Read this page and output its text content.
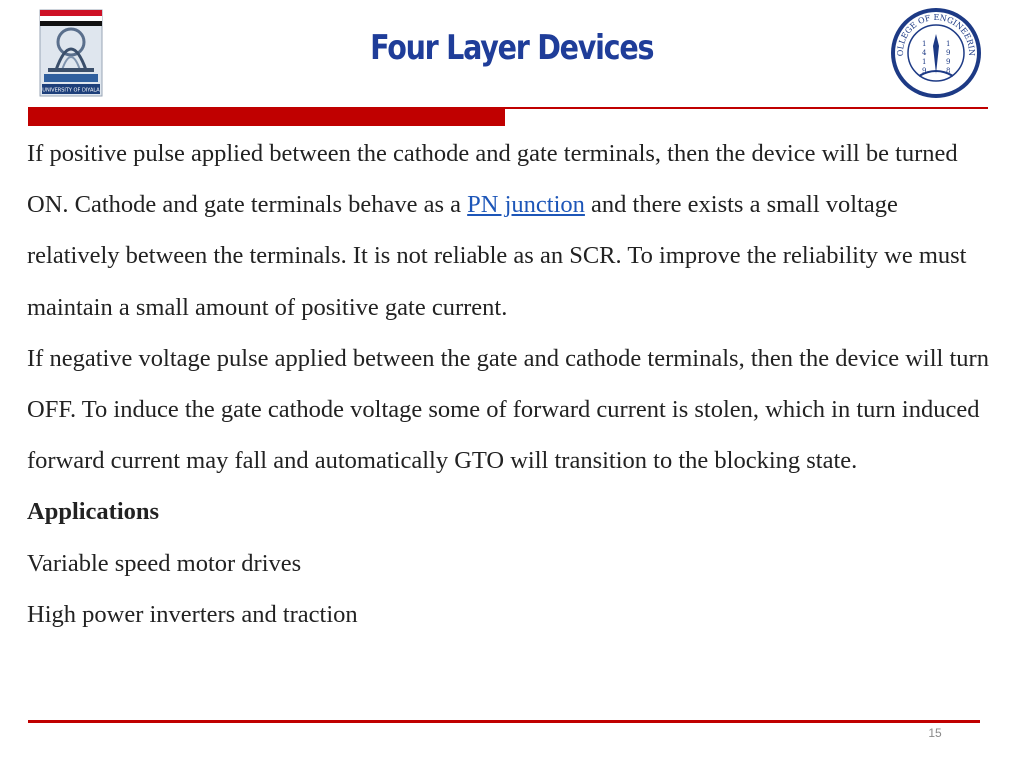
UNIVERSITY OF DIYALA
Four Layer Devices	OLLEGE OF ENGINEERIN
1
4
1
9
1
9
9
8

If positive pulse applied between the cathode and gate terminals, then the device will be turned ON. Cathode and gate terminals behave as a PN junction and there exists a small voltage relatively between the terminals. It is not reliable as an SCR. To improve the reliability we must maintain a small amount of positive gate current.

If negative voltage pulse applied between the gate and cathode terminals, then the device will turn OFF. To induce the gate cathode voltage some of forward current is stolen, which in turn induced forward current may fall and automatically GTO will transition to the blocking state.

Applications

Variable speed motor drives

High power inverters and traction

15
